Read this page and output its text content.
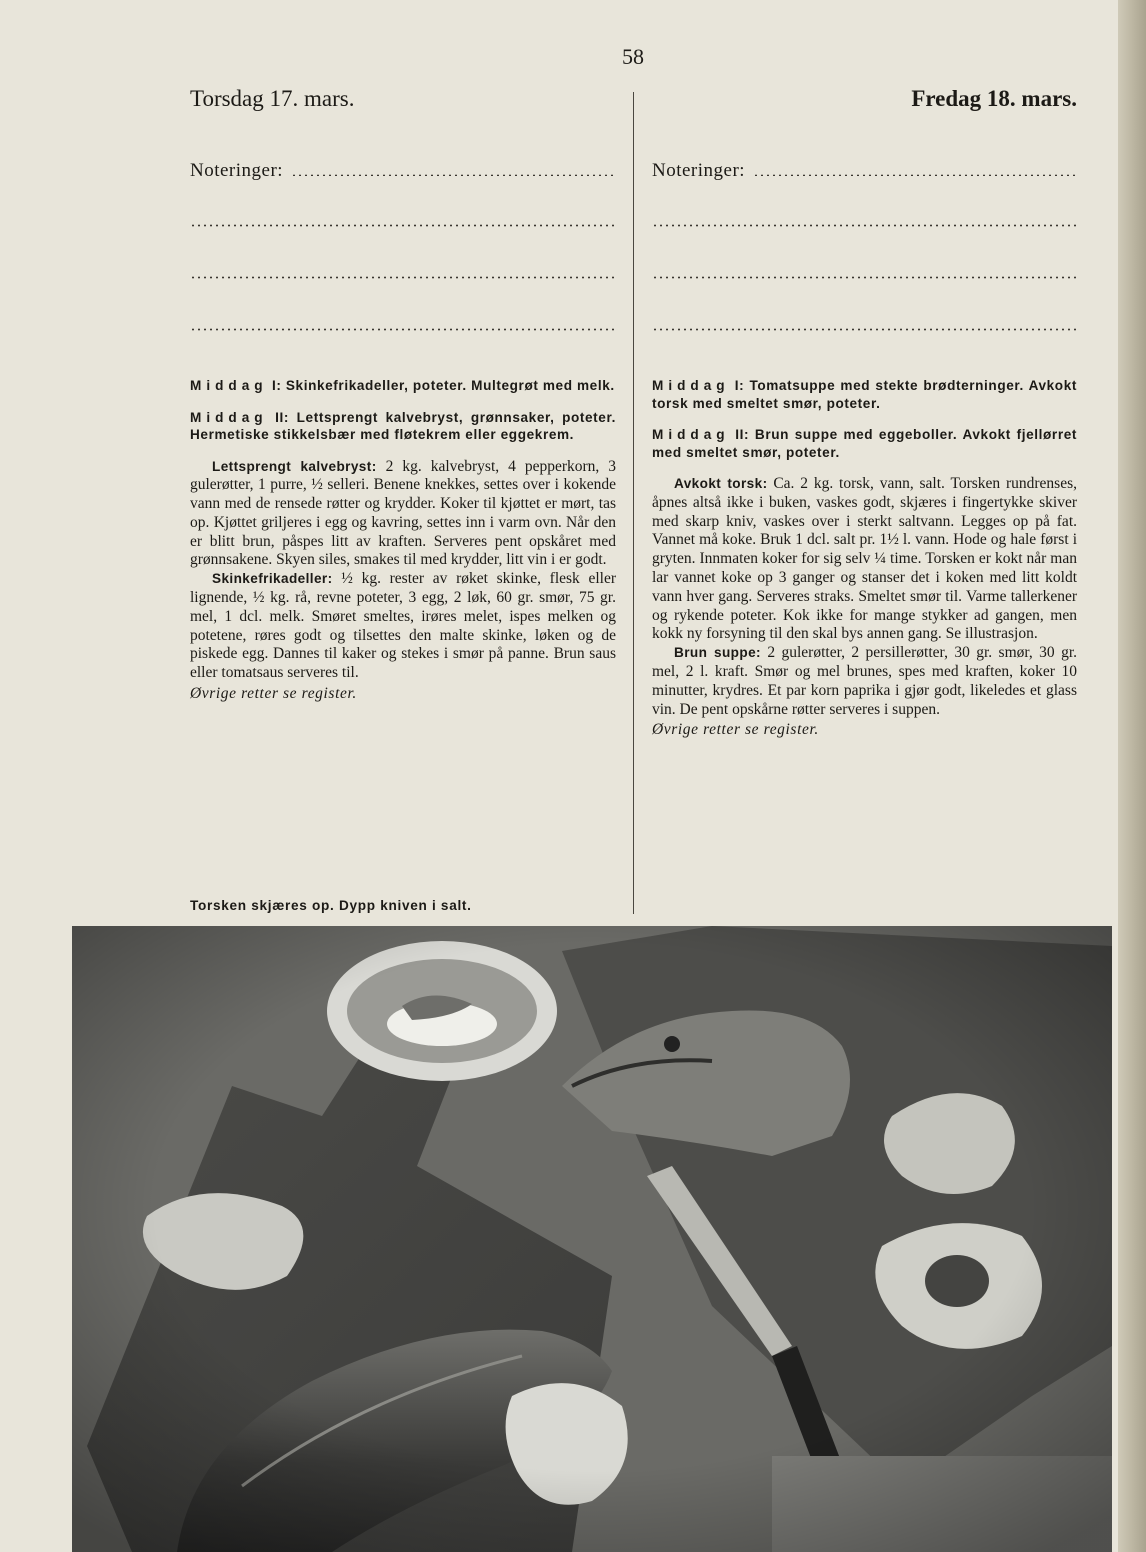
58
Torsdag 17. mars.
Noteringer:

Middag I: Skinkefrikadeller, poteter. Multegrøt med melk.

Middag II: Lettsprengt kalvebryst, grønnsaker, poteter. Hermetiske stikkelsbær med fløtekrem eller eggekrem.

Lettsprengt kalvebryst: 2 kg. kalvebryst, 4 pepperkorn, 3 gulerøtter, 1 purre, ½ selleri. Benene knekkes, settes over i kokende vann med de rensede røtter og krydder. Koker til kjøttet er mørt, tas op. Kjøttet griljeres i egg og kavring, settes inn i varm ovn. Når den er blitt brun, påspes litt av kraften. Serveres pent opskåret med grønnsakene. Skyen siles, smakes til med krydder, litt vin i er godt.

Skinkefrikadeller: ½ kg. rester av røket skinke, flesk eller lignende, ½ kg. rå, revne poteter, 3 egg, 2 løk, 60 gr. smør, 75 gr. mel, 1 dcl. melk. Smøret smeltes, irøres melet, ispes melken og potetene, røres godt og tilsettes den malte skinke, løken og de piskede egg. Dannes til kaker og stekes i smør på panne. Brun saus eller tomatsaus serveres til.

Øvrige retter se register.

Torsken skjæres op. Dypp kniven i salt.
Fredag 18. mars.
Noteringer:

Middag I: Tomatsuppe med stekte brødterninger. Avkokt torsk med smeltet smør, poteter.

Middag II: Brun suppe med eggeboller. Avkokt fjellørret med smeltet smør, poteter.

Avkokt torsk: Ca. 2 kg. torsk, vann, salt. Torsken rundrenses, åpnes altså ikke i buken, vaskes godt, skjæres i fingertykke skiver med skarp kniv, vaskes over i sterkt saltvann. Legges op på fat. Vannet må koke. Bruk 1 dcl. salt pr. 1½ l. vann. Hode og hale først i gryten. Innmaten koker for sig selv ¼ time. Torsken er kokt når man lar vannet koke op 3 ganger og stanser det i koken med litt koldt vann hver gang. Serveres straks. Smeltet smør til. Varme tallerkener og rykende poteter. Kok ikke for mange stykker ad gangen, men kokk ny forsyning til den skal bys annen gang. Se illustrasjon.

Brun suppe: 2 gulerøtter, 2 persillerøtter, 30 gr. smør, 30 gr. mel, 2 l. kraft. Smør og mel brunes, spes med kraften, koker 10 minutter, krydres. Et par korn paprika i gjør godt, likeledes et glass vin. De pent opskårne røtter serveres i suppen.

Øvrige retter se register.
